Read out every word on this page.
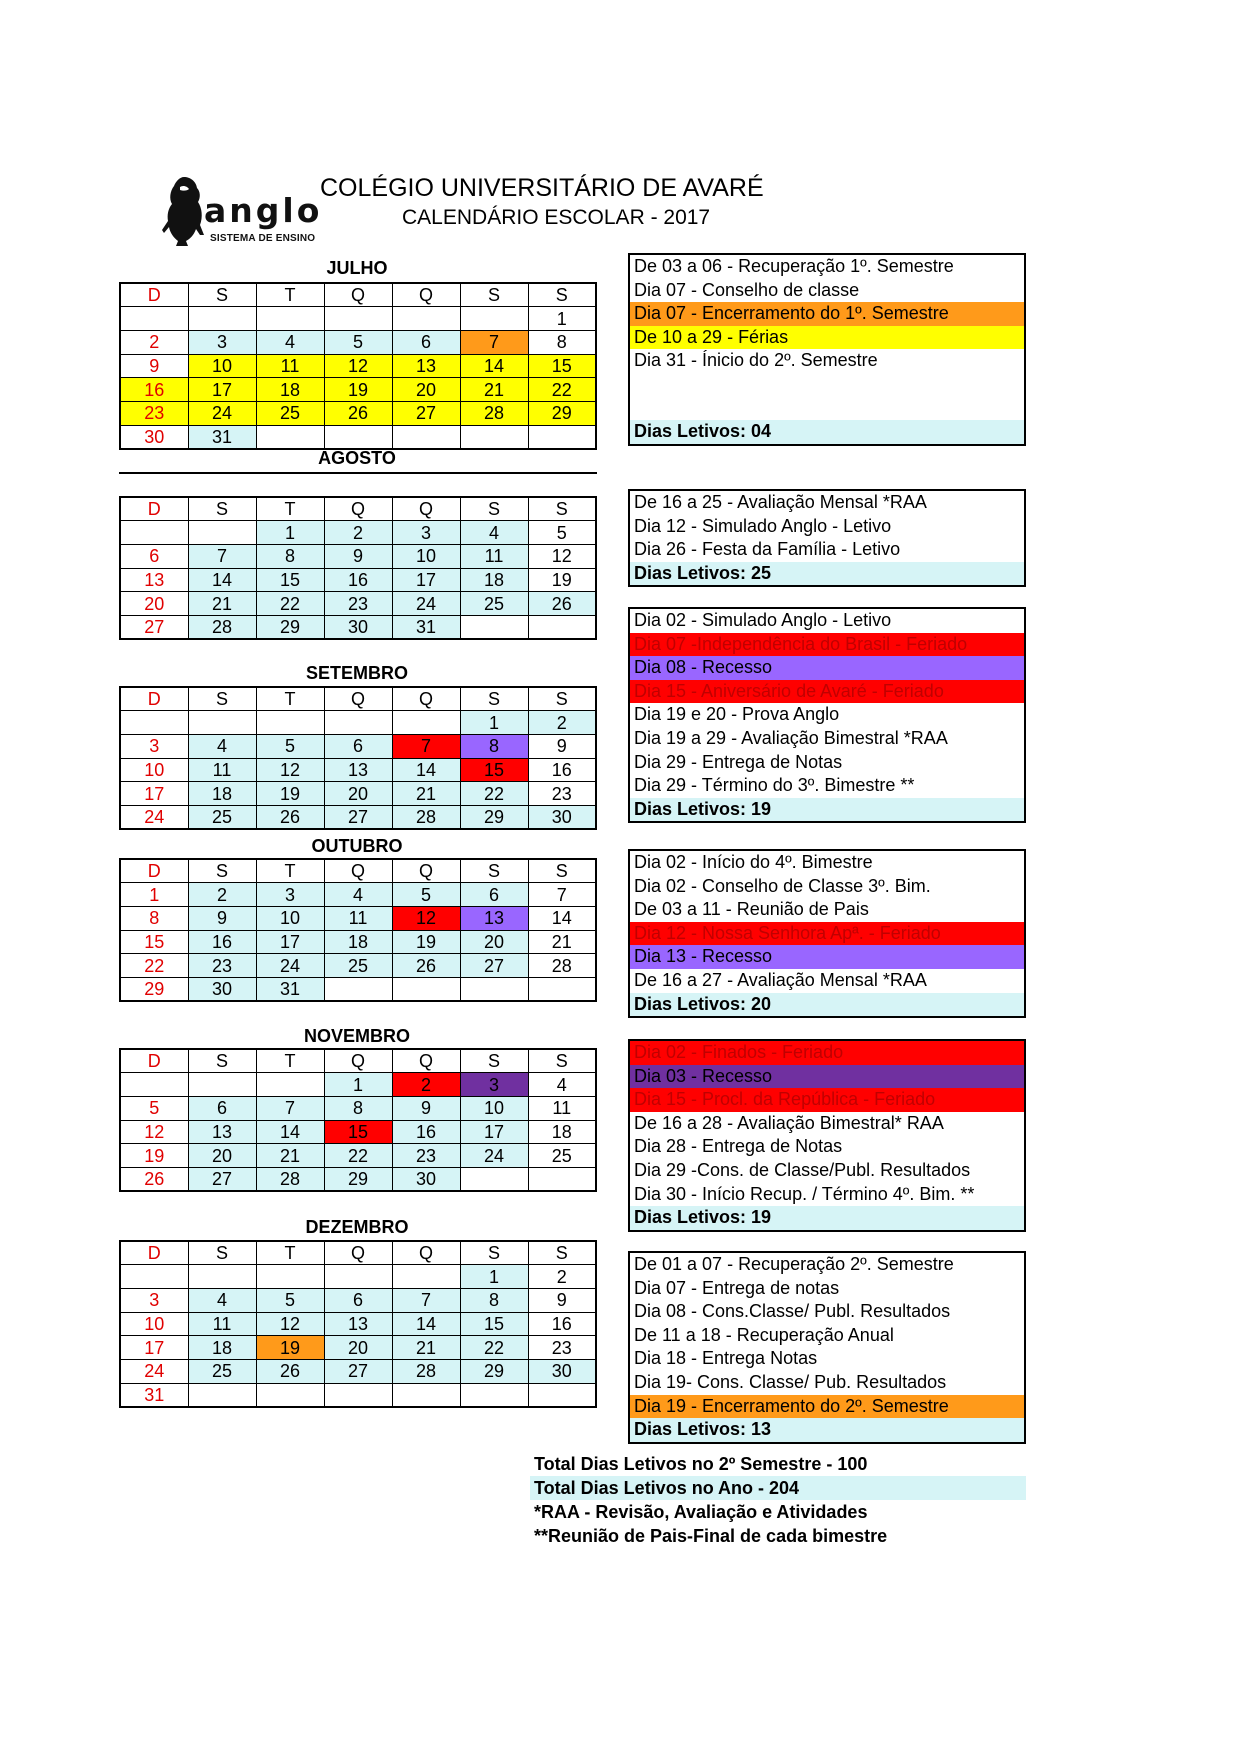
anglo
SISTEMA DE ENSINO
COLÉGIO UNIVERSITÁRIO DE AVARÉ
CALENDÁRIO ESCOLAR - 2017
JULHO
D	S	T	Q	Q	S	S
						1
2	3	4	5	6	7	8
9	10	11	12	13	14	15
16	17	18	19	20	21	22
23	24	25	26	27	28	29
30	31					
AGOSTO
D	S	T	Q	Q	S	S
		1	2	3	4	5
6	7	8	9	10	11	12
13	14	15	16	17	18	19
20	21	22	23	24	25	26
27	28	29	30	31		
SETEMBRO
D	S	T	Q	Q	S	S
					1	2
3	4	5	6	7	8	9
10	11	12	13	14	15	16
17	18	19	20	21	22	23
24	25	26	27	28	29	30
OUTUBRO
D	S	T	Q	Q	S	S
1	2	3	4	5	6	7
8	9	10	11	12	13	14
15	16	17	18	19	20	21
22	23	24	25	26	27	28
29	30	31				
NOVEMBRO
D	S	T	Q	Q	S	S
			1	2	3	4
5	6	7	8	9	10	11
12	13	14	15	16	17	18
19	20	21	22	23	24	25
26	27	28	29	30		
DEZEMBRO
D	S	T	Q	Q	S	S
					1	2
3	4	5	6	7	8	9
10	11	12	13	14	15	16
17	18	19	20	21	22	23
24	25	26	27	28	29	30
31						
De 03 a 06 - Recuperação 1º. Semestre
Dia 07 - Conselho de classe
Dia 07 - Encerramento do 1º. Semestre
De 10 a 29 - Férias
Dia 31 - Ínicio do 2º. Semestre
Dias Letivos: 04
De 16 a 25 - Avaliação Mensal *RAA
Dia 12 - Simulado Anglo - Letivo
Dia 26 - Festa da Família - Letivo
Dias Letivos: 25
Dia 02 - Simulado Anglo - Letivo
Dia 07 -Independência do Brasil - Feriado
Dia 08 - Recesso
Dia 15 - Aniversário de Avaré - Feriado
Dia 19 e 20 - Prova Anglo
Dia 19 a 29 - Avaliação Bimestral *RAA
Dia 29 - Entrega de Notas
Dia 29 - Término do 3º. Bimestre **
Dias Letivos: 19
Dia 02 - Início do 4º. Bimestre
Dia 02 - Conselho de Classe 3º. Bim.
De 03 a 11 - Reunião de Pais
Dia 12 - Nossa Senhora Apª. - Feriado
Dia 13 - Recesso
De 16 a 27 - Avaliação Mensal *RAA
Dias Letivos: 20
Dia 02 - Finados - Feriado
Dia 03 - Recesso
Dia 15 - Procl. da República - Feriado
De 16 a 28 - Avaliação Bimestral* RAA
Dia 28 - Entrega de Notas
Dia 29 -Cons. de Classe/Publ. Resultados
Dia 30 - Início Recup. / Término 4º. Bim. **
Dias Letivos: 19
De 01 a 07 - Recuperação 2º. Semestre
Dia 07 - Entrega de notas
Dia 08 - Cons.Classe/ Publ. Resultados
De 11 a 18 - Recuperação Anual
Dia 18 - Entrega Notas
Dia 19- Cons. Classe/ Pub. Resultados
Dia 19 - Encerramento do 2º. Semestre
Dias Letivos: 13
Total Dias Letivos no 2º Semestre - 100
Total Dias Letivos no Ano - 204
*RAA - Revisão, Avaliação e Atividades
**Reunião de Pais-Final de cada bimestre
